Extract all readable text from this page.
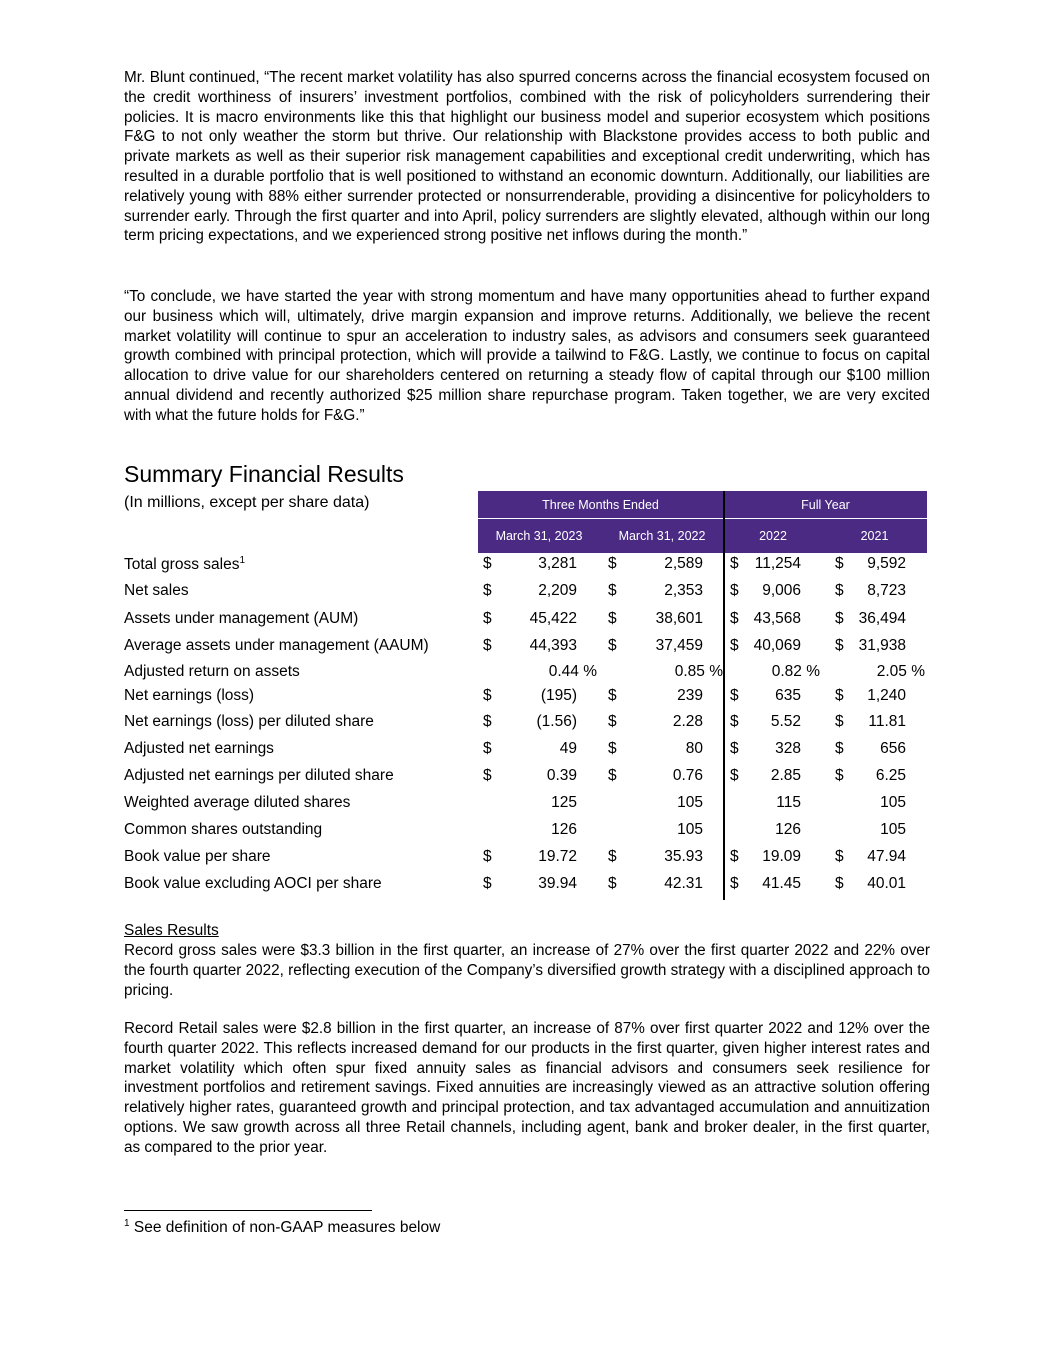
Mr. Blunt continued, “The recent market volatility has also spurred concerns across the financial ecosystem focused on the credit worthiness of insurers’ investment portfolios, combined with the risk of policyholders surrendering their policies. It is macro environments like this that highlight our business model and superior ecosystem which positions F&G to not only weather the storm but thrive. Our relationship with Blackstone provides access to both public and private markets as well as their superior risk management capabilities and exceptional credit underwriting, which has resulted in a durable portfolio that is well positioned to withstand an economic downturn. Additionally, our liabilities are relatively young with 88% either surrender protected or nonsurrenderable, providing a disincentive for policyholders to surrender early. Through the first quarter and into April, policy surrenders are slightly elevated, although within our long term pricing expectations, and we experienced strong positive net inflows during the month.”
“To conclude, we have started the year with strong momentum and have many opportunities ahead to further expand our business which will, ultimately, drive margin expansion and improve returns. Additionally, we believe the recent market volatility will continue to spur an acceleration to industry sales, as advisors and consumers seek guaranteed growth combined with principal protection, which will provide a tailwind to F&G. Lastly, we continue to focus on capital allocation to drive value for our shareholders centered on returning a steady flow of capital through our $100 million annual dividend and recently authorized $25 million share repurchase program. Taken together, we are very excited with what the future holds for F&G.”
Summary Financial Results
(In millions, except per share data)	Three Months Ended	Full Year
March 31, 2023	March 31, 2022	2022	2021
Total gross sales$^1$	$	3,281 $	2,589 $ 11,254 $ 9,592
Net sales	$	2,209 $	2,353 $ 9,006 $ 8,723
Assets under management (AUM)	$ 45,422 $	38,601 $ 43,568 $ 36,494
Average assets under management (AAUM)	$ 44,393 $	37,459 $ 40,069 $ 31,938
Adjusted return on assets	0.44 %	0.85 %	0.82 %	2.05 %
Net earnings (loss)	$	(195) $	239 $ 635 $ 1,240
Net earnings (loss) per diluted share	$	(1.56) $	2.28 $ 5.52 $ 11.81
Adjusted net earnings	$	49 $	80 $ 328 $ 656
Adjusted net earnings per diluted share	$	0.39 $	0.76 $ 2.85 $ 6.25
Weighted average diluted shares	125	105	115	105
Common shares outstanding	126	105	126	105
Book value per share	$	19.72 $	35.93 $ 19.09 $ 47.94
Book value excluding AOCI per share	$	39.94 $	42.31 $ 41.45 $ 40.01
Sales Results
Record gross sales were $3.3 billion in the first quarter, an increase of 27% over the first quarter 2022 and 22% over the fourth quarter 2022, reflecting execution of the Company’s diversified growth strategy with a disciplined approach to pricing.
Record Retail sales were $2.8 billion in the first quarter, an increase of 87% over first quarter 2022 and 12% over the fourth quarter 2022. This reflects increased demand for our products in the first quarter, given higher interest rates and market volatility which often spur fixed annuity sales as financial advisors and consumers seek resilience for investment portfolios and retirement savings. Fixed annuities are increasingly viewed as an attractive solution offering relatively higher rates, guaranteed growth and principal protection, and tax advantaged accumulation and annuitization options. We saw growth across all three Retail channels, including agent, bank and broker dealer, in the first quarter, as compared to the prior year.
$^1$ See definition of non-GAAP measures below
